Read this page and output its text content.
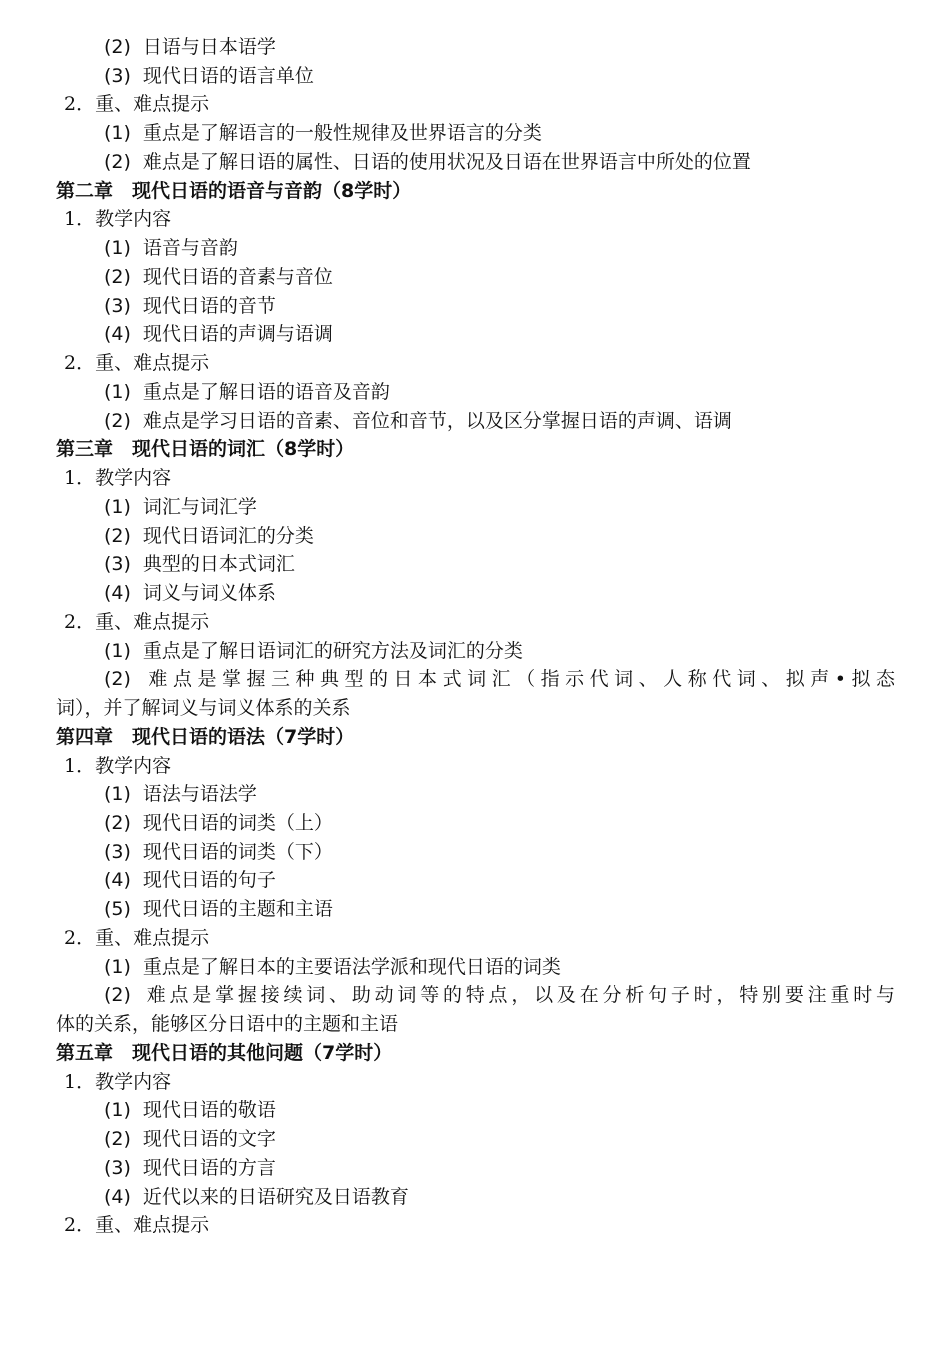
(2) 日语与日本语学
(3) 现代日语的语言单位
2．重、难点提示
(1) 重点是了解语言的一般性规律及世界语言的分类
(2) 难点是了解日语的属性、日语的使用状况及日语在世界语言中所处的位置
第二章　现代日语的语音与音韵（8学时）
1．教学内容
(1) 语音与音韵
(2) 现代日语的音素与音位
(3) 现代日语的音节
(4) 现代日语的声调与语调
2．重、难点提示
(1) 重点是了解日语的语音及音韵
(2) 难点是学习日语的音素、音位和音节，以及区分掌握日语的声调、语调
第三章　现代日语的词汇（8学时）
1．教学内容
(1) 词汇与词汇学
(2) 现代日语词汇的分类
(3) 典型的日本式词汇
(4) 词义与词义体系
2．重、难点提示
(1) 重点是了解日语词汇的研究方法及词汇的分类
(2) 难点是掌握三种典型的日本式词汇（指示代词、人称代词、拟声•拟态
词），并了解词义与词义体系的关系
第四章　现代日语的语法（7学时）
1．教学内容
(1) 语法与语法学
(2) 现代日语的词类（上）
(3) 现代日语的词类（下）
(4) 现代日语的句子
(5) 现代日语的主题和主语
2．重、难点提示
(1) 重点是了解日本的主要语法学派和现代日语的词类
(2) 难点是掌握接续词、助动词等的特点，以及在分析句子时，特别要注重时与
体的关系，能够区分日语中的主题和主语
第五章　现代日语的其他问题（7学时）
1．教学内容
(1) 现代日语的敬语
(2) 现代日语的文字
(3) 现代日语的方言
(4) 近代以来的日语研究及日语教育
2．重、难点提示
